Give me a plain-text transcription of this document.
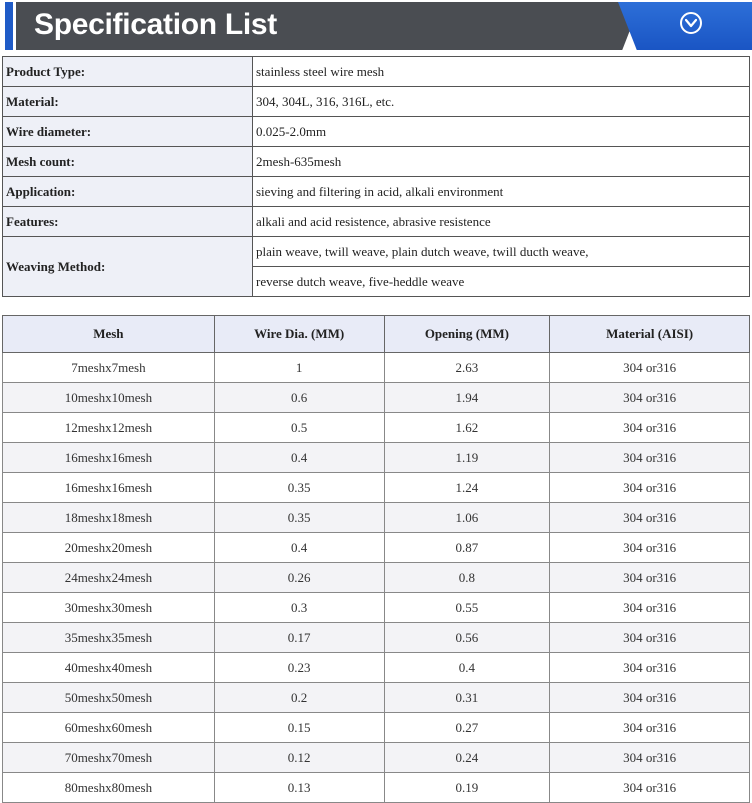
Specification List
Product Type:	stainless steel wire mesh
Material:	304, 304L, 316, 316L, etc.
Wire diameter:	0.025-2.0mm
Mesh count:	2mesh-635mesh
Application:	sieving and filtering in acid, alkali environment
Features:	alkali and acid resistence, abrasive resistence
Weaving Method:	plain weave, twill weave, plain dutch weave, twill ducth weave,
	reverse dutch weave, five-heddle weave
Mesh	Wire Dia. (MM)	Opening (MM)	Material (AISI)
7meshx7mesh	1	2.63	304 or316
10meshx10mesh	0.6	1.94	304 or316
12meshx12mesh	0.5	1.62	304 or316
16meshx16mesh	0.4	1.19	304 or316
16meshx16mesh	0.35	1.24	304 or316
18meshx18mesh	0.35	1.06	304 or316
20meshx20mesh	0.4	0.87	304 or316
24meshx24mesh	0.26	0.8	304 or316
30meshx30mesh	0.3	0.55	304 or316
35meshx35mesh	0.17	0.56	304 or316
40meshx40mesh	0.23	0.4	304 or316
50meshx50mesh	0.2	0.31	304 or316
60meshx60mesh	0.15	0.27	304 or316
70meshx70mesh	0.12	0.24	304 or316
80meshx80mesh	0.13	0.19	304 or316
